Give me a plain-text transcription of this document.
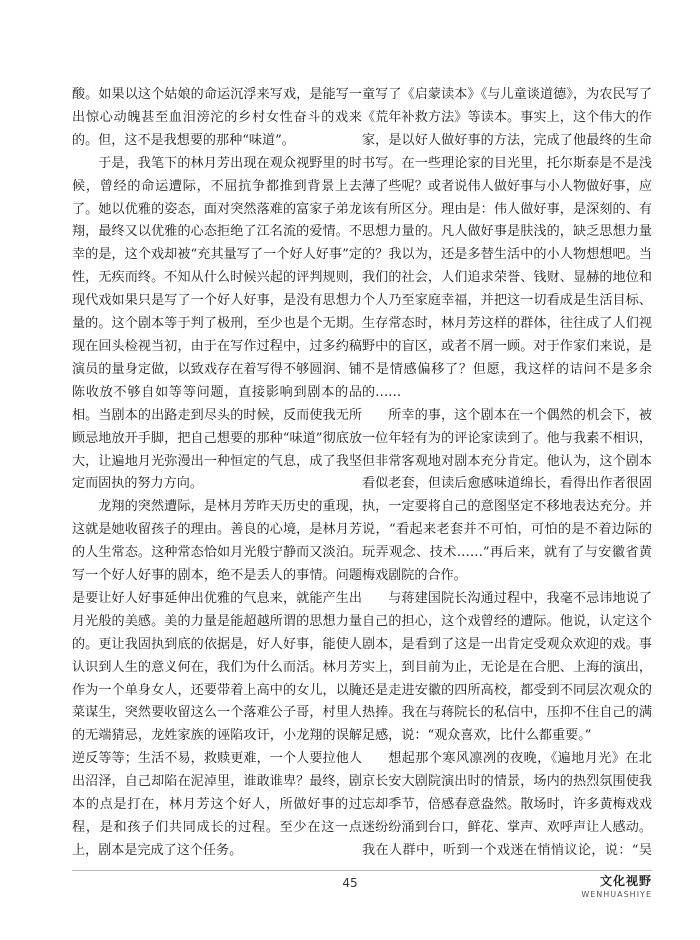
酸。如果以这个姑娘的命运沉浮来写戏，是能写一出惊心动魄甚至血泪滂沱的乡村女性奋斗的戏来的。但，这不是我想要的那种“味道”。

于是，我笔下的林月芳出现在观众视野里的时候，曾经的命运遭际，不屈抗争都推到背景上去了。她以优雅的姿态，面对突然落难的富家子弟龙翔，最终又以优雅的心态拒绝了江名流的爱情。不幸的是，这个戏却被“充其量写了一个好人好事”定性，无疾而终。不知从什么时候兴起的评判规则，现代戏如果只是写了一个好人好事，是没有思想力量的。这个剧本等于判了极刑，至少也是个无期。现在回头检视当初，由于在写作过程中，过多约稿演员的量身定做，以致戏存在着写得不够圆润、铺陈收放不够自如等等问题，直接影响到剧本的品相。当剧本的出路走到尽头的时候，反而使我无所顾忌地放开手脚，把自己想要的那种“味道”彻底放大，让遍地月光弥漫出一种恒定的气息，成了我坚定而固执的努力方向。

龙翔的突然遭际，是林月芳昨天历史的重现，这就是她收留孩子的理由。善良的心境，是林月芳的人生常态。这种常态恰如月光般宁静而又淡泊。写一个好人好事的剧本，绝不是丢人的事情。问题是要让好人好事延伸出优雅的气息来，就能产生出月光般的美感。美的力量是能超越所谓的思想力量的。更让我固执到底的依据是，好人好事，能使人认识到人生的意义何在，我们为什么而活。林月芳作为一个单身女人，还要带着上高中的女儿，以腌菜谋生，突然要收留这么一个落难公子哥，村里人的无端猜忌，龙姓家族的诬陷攻讦，小龙翔的误解逆反等等；生活不易，救赎更难，一个人要拉他人出沼泽，自己却陷在泥淖里，谁敢谁卑？最终，剧本的点是打在，林月芳这个好人，所做好事的过程，是和孩子们共同成长的过程。至少在这一点上，剧本是完成了这个任务。

童写了《启蒙读本》《与儿童谈道德》，为农民写了《荒年补救方法》等读本。事实上，这个伟大的作家，是以好人做好事的方法，完成了他最终的生命书写。在一些理论家的目光里，托尔斯泰是不是浅薄了些呢？或者说伟人做好事与小人物做好事，应该有所区分。理由是：伟人做好事，是深刻的、有思想力量的。凡人做好事是肤浅的，缺乏思想力量的？我以为，还是多替生活中的小人物想想吧。当我们的社会，人们追求荣誉、钱财、显赫的地位和个人乃至家庭幸福，并把这一切看成是生活目标、生存常态时，林月芳这样的群体，往往成了人们视野中的盲区，或者不屑一顾。对于作家们来说，是不是情感偏移了？但愿，我这样的诘问不是多余的……

所幸的事，这个剧本在一个偶然的机会下，被一位年轻有为的评论家读到了。他与我素不相识，但非常客观地对剧本充分肯定。他认为，这个剧本看似老套，但读后愈感味道绵长，看得出作者很固执，一定要将自己的意图坚定不移地表达充分。并说，“看起来老套并不可怕，可怕的是不着边际的玩弄观念、技术……”再后来，就有了与安徽省黄梅戏剧院的合作。

与蒋建国院长沟通过程中，我毫不忌讳地说了自己的担心，这个戏曾经的遭际。他说，认定这个剧本，是看到了这是一出肯定受观众欢迎的戏。事实上，到目前为止，无论是在合肥、上海的演出，还是走进安徽的四所高校，都受到不同层次观众的热捧。我在与蒋院长的私信中，压抑不住自己的满足感，说：“观众喜欢，比什么都重要。”

想起那个寒风凛冽的夜晚，《遍地月光》在北京长安大剧院演出时的情景，场内的热烈氛围使我忘却季节，倍感春意盎然。散场时，许多黄梅戏戏迷纷纷涌到台口，鲜花、掌声、欢呼声让人感动。我在人群中，听到一个戏迷在悄悄议论，说：“吴

45	文化视野
WENHUASHIYE
